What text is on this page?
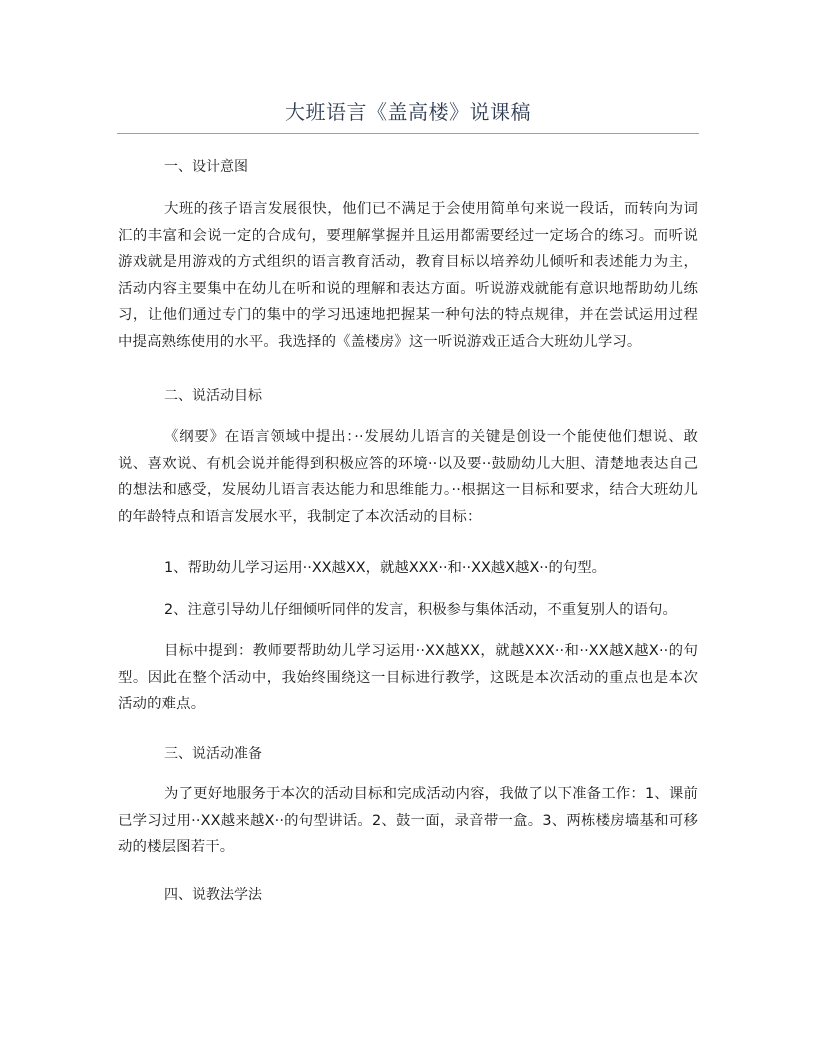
大班语言《盖高楼》说课稿
一、设计意图
大班的孩子语言发展很快，他们已不满足于会使用简单句来说一段话，而转向为词汇的丰富和会说一定的合成句，要理解掌握并且运用都需要经过一定场合的练习。而听说游戏就是用游戏的方式组织的语言教育活动，教育目标以培养幼儿倾听和表述能力为主，活动内容主要集中在幼儿在听和说的理解和表达方面。听说游戏就能有意识地帮助幼儿练习，让他们通过专门的集中的学习迅速地把握某一种句法的特点规律，并在尝试运用过程中提高熟练使用的水平。我选择的《盖楼房》这一听说游戏正适合大班幼儿学习。
二、说活动目标
《纲要》在语言领域中提出：··发展幼儿语言的关键是创设一个能使他们想说、敢说、喜欢说、有机会说并能得到积极应答的环境··以及要··鼓励幼儿大胆、清楚地表达自己的想法和感受，发展幼儿语言表达能力和思维能力。··根据这一目标和要求，结合大班幼儿的年龄特点和语言发展水平，我制定了本次活动的目标：
1、帮助幼儿学习运用··XX越XX，就越XXX··和··XX越X越X··的句型。
2、注意引导幼儿仔细倾听同伴的发言，积极参与集体活动，不重复别人的语句。
目标中提到：教师要帮助幼儿学习运用··XX越XX，就越XXX··和··XX越X越X··的句型。因此在整个活动中，我始终围绕这一目标进行教学，这既是本次活动的重点也是本次活动的难点。
三、说活动准备
为了更好地服务于本次的活动目标和完成活动内容，我做了以下准备工作：1、课前已学习过用··XX越来越X··的句型讲话。2、鼓一面，录音带一盒。3、两栋楼房墙基和可移动的楼层图若干。
四、说教法学法
